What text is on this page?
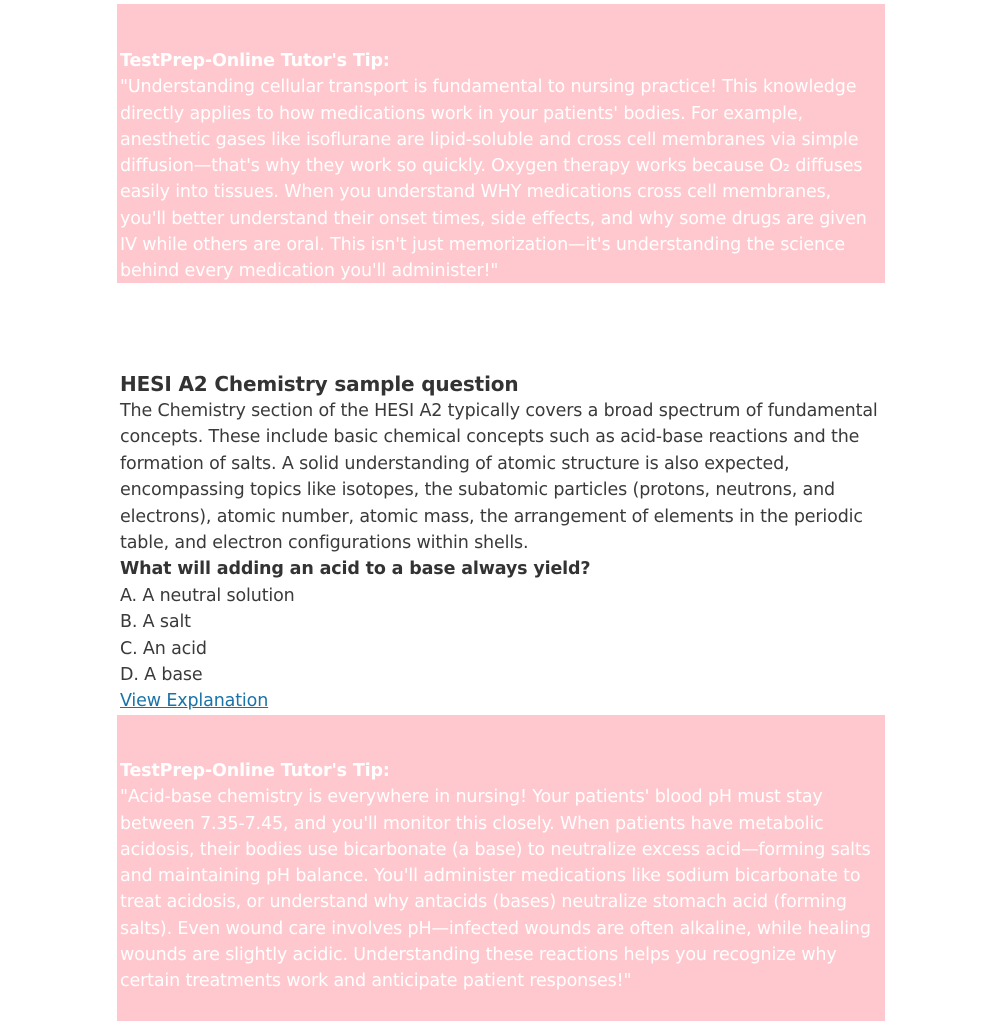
TestPrep-Online Tutor's Tip:
"Understanding cellular transport is fundamental to nursing practice! This knowledge directly applies to how medications work in your patients' bodies. For example, anesthetic gases like isoflurane are lipid-soluble and cross cell membranes via simple diffusion—that's why they work so quickly. Oxygen therapy works because O₂ diffuses easily into tissues. When you understand WHY medications cross cell membranes, you'll better understand their onset times, side effects, and why some drugs are given IV while others are oral. This isn't just memorization—it's understanding the science behind every medication you'll administer!"
HESI A2 Chemistry sample question

The Chemistry section of the HESI A2 typically covers a broad spectrum of fundamental concepts. These include basic chemical concepts such as acid-base reactions and the formation of salts. A solid understanding of atomic structure is also expected, encompassing topics like isotopes, the subatomic particles (protons, neutrons, and electrons), atomic number, atomic mass, the arrangement of elements in the periodic table, and electron configurations within shells.

What will adding an acid to a base always yield?

A. A neutral solution
B. A salt
C. An acid
D. A base
View Explanation
TestPrep-Online Tutor's Tip:
"Acid-base chemistry is everywhere in nursing! Your patients' blood pH must stay between 7.35-7.45, and you'll monitor this closely. When patients have metabolic acidosis, their bodies use bicarbonate (a base) to neutralize excess acid—forming salts and maintaining pH balance. You'll administer medications like sodium bicarbonate to treat acidosis, or understand why antacids (bases) neutralize stomach acid (forming salts). Even wound care involves pH—infected wounds are often alkaline, while healing wounds are slightly acidic. Understanding these reactions helps you recognize why certain treatments work and anticipate patient responses!"
